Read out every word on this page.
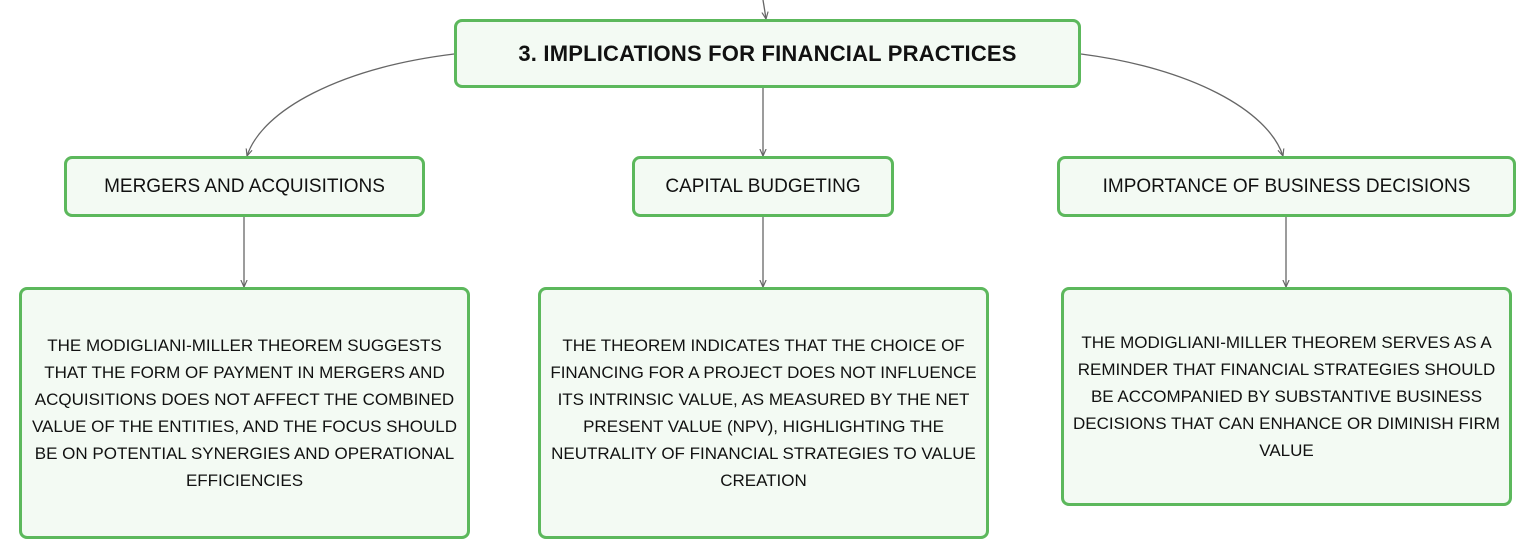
3. IMPLICATIONS FOR FINANCIAL PRACTICES
MERGERS AND ACQUISITIONS	CAPITAL BUDGETING	IMPORTANCE OF BUSINESS DECISIONS
THE MODIGLIANI-MILLER THEOREM SUGGESTS THAT THE FORM OF PAYMENT IN MERGERS AND ACQUISITIONS DOES NOT AFFECT THE COMBINED VALUE OF THE ENTITIES, AND THE FOCUS SHOULD BE ON POTENTIAL SYNERGIES AND OPERATIONAL EFFICIENCIES
THE THEOREM INDICATES THAT THE CHOICE OF FINANCING FOR A PROJECT DOES NOT INFLUENCE ITS INTRINSIC VALUE, AS MEASURED BY THE NET PRESENT VALUE (NPV), HIGHLIGHTING THE NEUTRALITY OF FINANCIAL STRATEGIES TO VALUE CREATION
THE MODIGLIANI-MILLER THEOREM SERVES AS A REMINDER THAT FINANCIAL STRATEGIES SHOULD BE ACCOMPANIED BY SUBSTANTIVE BUSINESS DECISIONS THAT CAN ENHANCE OR DIMINISH FIRM VALUE
